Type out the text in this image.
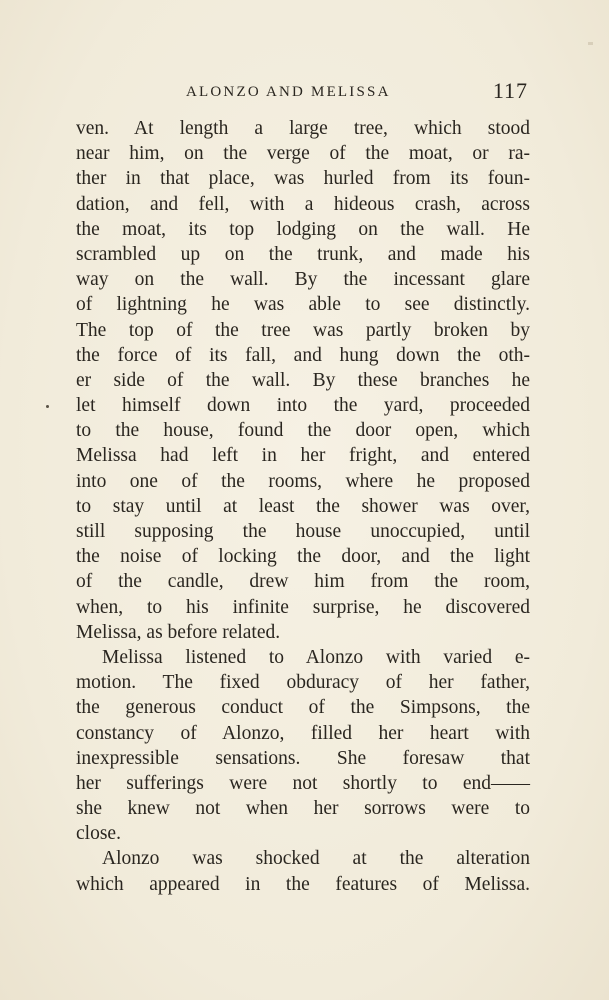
ALONZO AND MELISSA	117
ven. At length a large tree, which stood
near him, on the verge of the moat, or ra-
ther in that place, was hurled from its foun-
dation, and fell, with a hideous crash, across
the moat, its top lodging on the wall. He
scrambled up on the trunk, and made his
way on the wall. By the incessant glare
of lightning he was able to see distinctly.
The top of the tree was partly broken by
the force of its fall, and hung down the oth-
er side of the wall. By these branches he
let himself down into the yard, proceeded
to the house, found the door open, which
Melissa had left in her fright, and entered
into one of the rooms, where he proposed
to stay until at least the shower was over,
still supposing the house unoccupied, until
the noise of locking the door, and the light
of the candle, drew him from the room,
when, to his infinite surprise, he discovered
Melissa, as before related.
Melissa listened to Alonzo with varied e-
motion. The fixed obduracy of her father,
the generous conduct of the Simpsons, the
constancy of Alonzo, filled her heart with
inexpressible sensations. She foresaw that
her sufferings were not shortly to end——
she knew not when her sorrows were to
close.
Alonzo was shocked at the alteration
which appeared in the features of Melissa.
